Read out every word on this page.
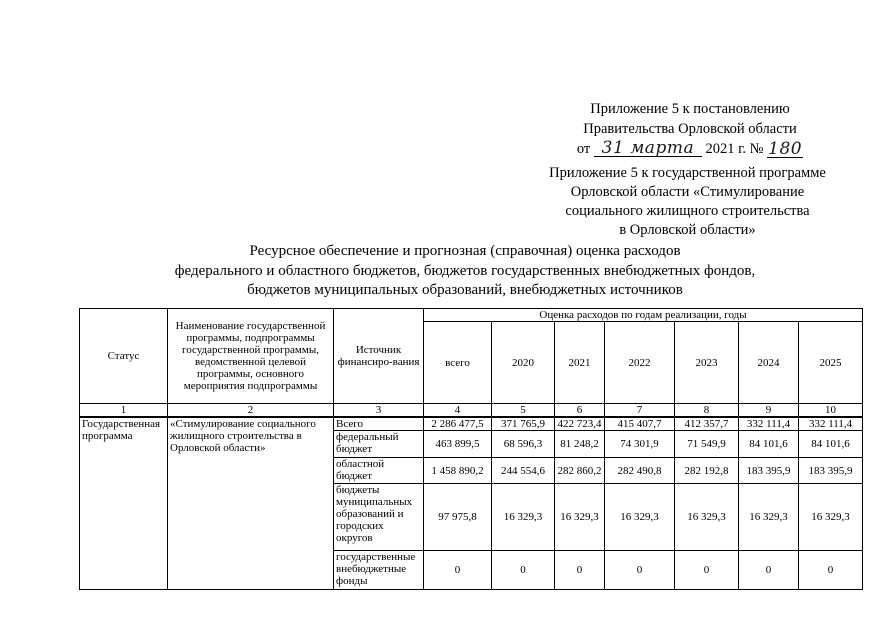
Приложение 5 к постановлению
Правительства Орловской области
от 31 марта 2021 г. № 180
Приложение 5 к государственной программе
Орловской области «Стимулирование
социального жилищного строительства
в Орловской области»
Ресурсное обеспечение и прогнозная (справочная) оценка расходов
федерального и областного бюджетов, бюджетов государственных внебюджетных фондов,
бюджетов муниципальных образований, внебюджетных источников
Статус	Наименование государственной программы, подпрограммы государственной программы, ведомственной целевой программы, основного мероприятия подпрограммы	Источник финансиро-вания	Оценка расходов по годам реализации, годы						
			всего	2020	2021	2022	2023	2024	2025
1	2	3	4	5	6	7	8	9	10
Государственная программа	«Стимулирование социального жилищного строительства в Орловской области»	Всего	2 286 477,5	371 765,9	422 723,4	415 407,7	412 357,7	332 111,4	332 111,4
		федеральный бюджет	463 899,5	68 596,3	81 248,2	74 301,9	71 549,9	84 101,6	84 101,6
		областной бюджет	1 458 890,2	244 554,6	282 860,2	282 490,8	282 192,8	183 395,9	183 395,9
		бюджеты муниципальных образований и городских округов	97 975,8	16 329,3	16 329,3	16 329,3	16 329,3	16 329,3	16 329,3
		государственные внебюджетные фонды	0	0	0	0	0	0	0
